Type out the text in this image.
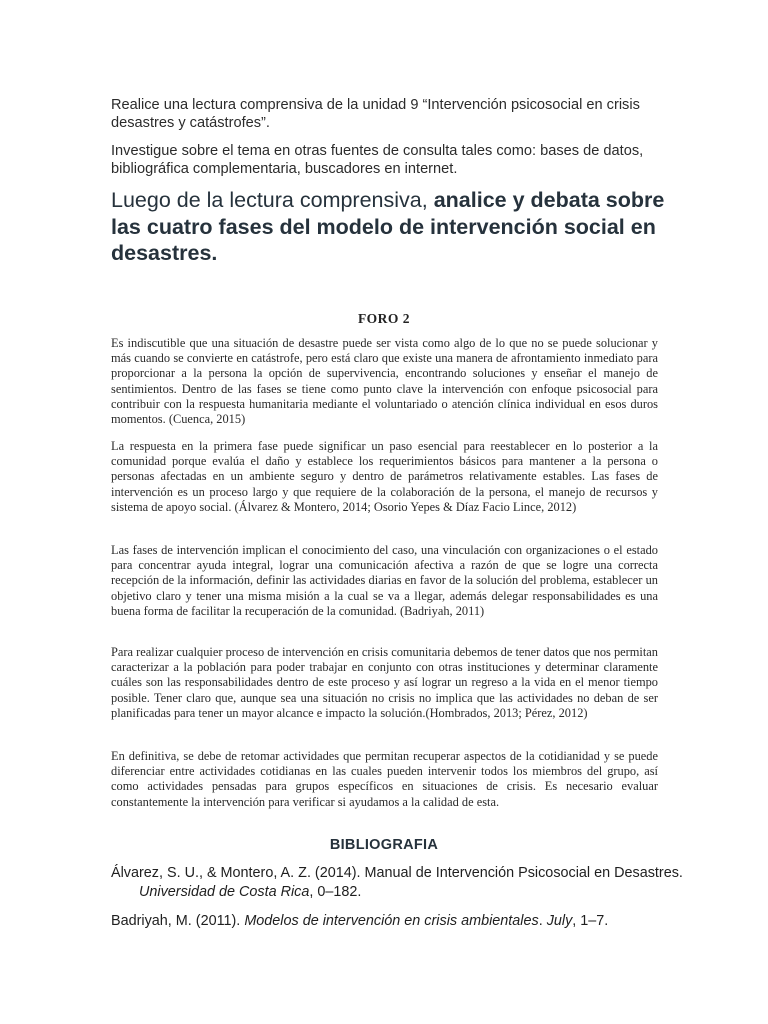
Realice una lectura comprensiva de la unidad 9 “Intervención psicosocial en crisis desastres y catástrofes”.

Investigue sobre el tema en otras fuentes de consulta tales como: bases de datos, bibliográfica complementaria, buscadores en internet.

Luego de la lectura comprensiva, analice y debata sobre las cuatro fases del modelo de intervención social en desastres.

FORO 2

Es indiscutible que una situación de desastre puede ser vista como algo de lo que no se puede solucionar y más cuando se convierte en catástrofe, pero está claro que existe una manera de afrontamiento inmediato para proporcionar a la persona la opción de supervivencia, encontrando soluciones y enseñar el manejo de sentimientos. Dentro de las fases se tiene como punto clave la intervención con enfoque psicosocial para contribuir con la respuesta humanitaria mediante el voluntariado o atención clínica individual en esos duros momentos. (Cuenca, 2015)

La respuesta en la primera fase puede significar un paso esencial para reestablecer en lo posterior a la comunidad porque evalúa el daño y establece los requerimientos básicos para mantener a la persona o personas afectadas en un ambiente seguro y dentro de parámetros relativamente estables. Las fases de intervención es un proceso largo y que requiere de la colaboración de la persona, el manejo de recursos y sistema de apoyo social. (Álvarez & Montero, 2014; Osorio Yepes & Díaz Facio Lince, 2012)

Las fases de intervención implican el conocimiento del caso, una vinculación con organizaciones o el estado para concentrar ayuda integral, lograr una comunicación afectiva a razón de que se logre una correcta recepción de la información, definir las actividades diarias en favor de la solución del problema, establecer un objetivo claro y tener una misma misión a la cual se va a llegar, además delegar responsabilidades es una buena forma de facilitar la recuperación de la comunidad. (Badriyah, 2011)

Para realizar cualquier proceso de intervención en crisis comunitaria debemos de tener datos que nos permitan caracterizar a la población para poder trabajar en conjunto con otras instituciones y determinar claramente cuáles son las responsabilidades dentro de este proceso y así lograr un regreso a la vida en el menor tiempo posible. Tener claro que, aunque sea una situación no crisis no implica que las actividades no deban de ser planificadas para tener un mayor alcance e impacto la solución.(Hombrados, 2013; Pérez, 2012)

En definitiva, se debe de retomar actividades que permitan recuperar aspectos de la cotidianidad y se puede diferenciar entre actividades cotidianas en las cuales pueden intervenir todos los miembros del grupo, así como actividades pensadas para grupos específicos en situaciones de crisis. Es necesario evaluar constantemente la intervención para verificar si ayudamos a la calidad de esta.

BIBLIOGRAFIA

Álvarez, S. U., & Montero, A. Z. (2014). Manual de Intervención Psicosocial en Desastres. Universidad de Costa Rica, 0–182.

Badriyah, M. (2011). Modelos de intervención en crisis ambientales. July, 1–7.
